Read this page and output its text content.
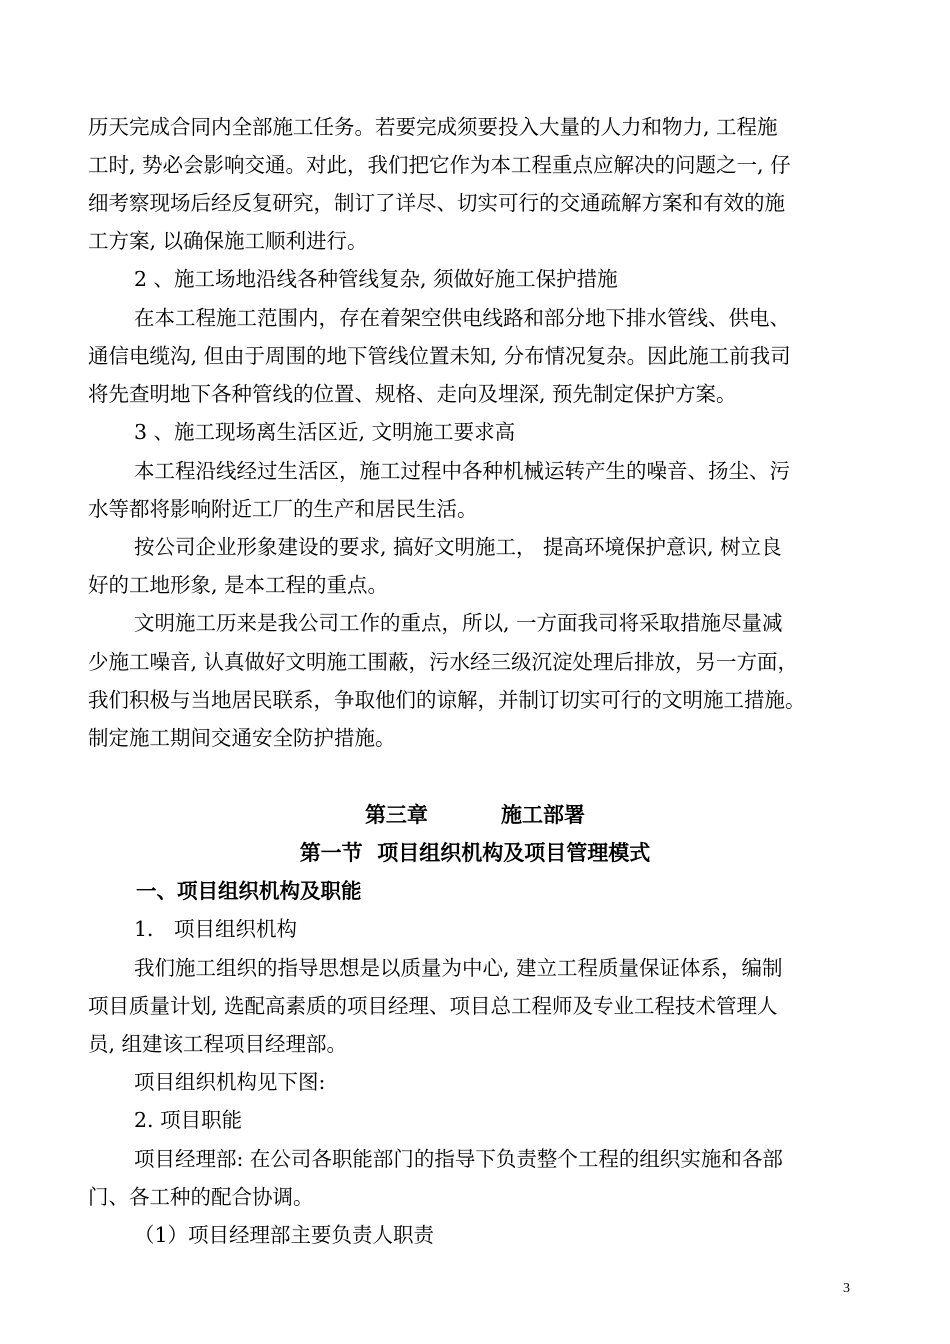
历天完成合同内全部施工任务。若要完成须要投入大量的人力和物力, 工程施
工时, 势必会影响交通。对此，我们把它作为本工程重点应解决的问题之一, 仔
细考察现场后经反复研究，制订了详尽、切实可行的交通疏解方案和有效的施
工方案, 以确保施工顺利进行。
2 、施工场地沿线各种管线复杂, 须做好施工保护措施
在本工程施工范围内，存在着架空供电线路和部分地下排水管线、供电、
通信电缆沟, 但由于周围的地下管线位置未知, 分布情况复杂。因此施工前我司
将先查明地下各种管线的位置、规格、走向及埋深, 预先制定保护方案。
3 、施工现场离生活区近, 文明施工要求高
本工程沿线经过生活区，施工过程中各种机械运转产生的噪音、扬尘、污
水等都将影响附近工厂的生产和居民生活。
按公司企业形象建设的要求, 搞好文明施工， 提高环境保护意识, 树立良
好的工地形象, 是本工程的重点。
文明施工历来是我公司工作的重点，所以, 一方面我司将采取措施尽量减
少施工噪音, 认真做好文明施工围蔽，污水经三级沉淀处理后排放，另一方面，
我们积极与当地居民联系，争取他们的谅解，并制订切实可行的文明施工措施。
制定施工期间交通安全防护措施。
第三章          施工部署
第一节  项目组织机构及项目管理模式
一、项目组织机构及职能
1． 项目组织机构
我们施工组织的指导思想是以质量为中心, 建立工程质量保证体系，编制
项目质量计划, 选配高素质的项目经理、项目总工程师及专业工程技术管理人
员, 组建该工程项目经理部。
项目组织机构见下图:
2. 项目职能
项目经理部: 在公司各职能部门的指导下负责整个工程的组织实施和各部
门、各工种的配合协调。
（1）项目经理部主要负责人职责
3
